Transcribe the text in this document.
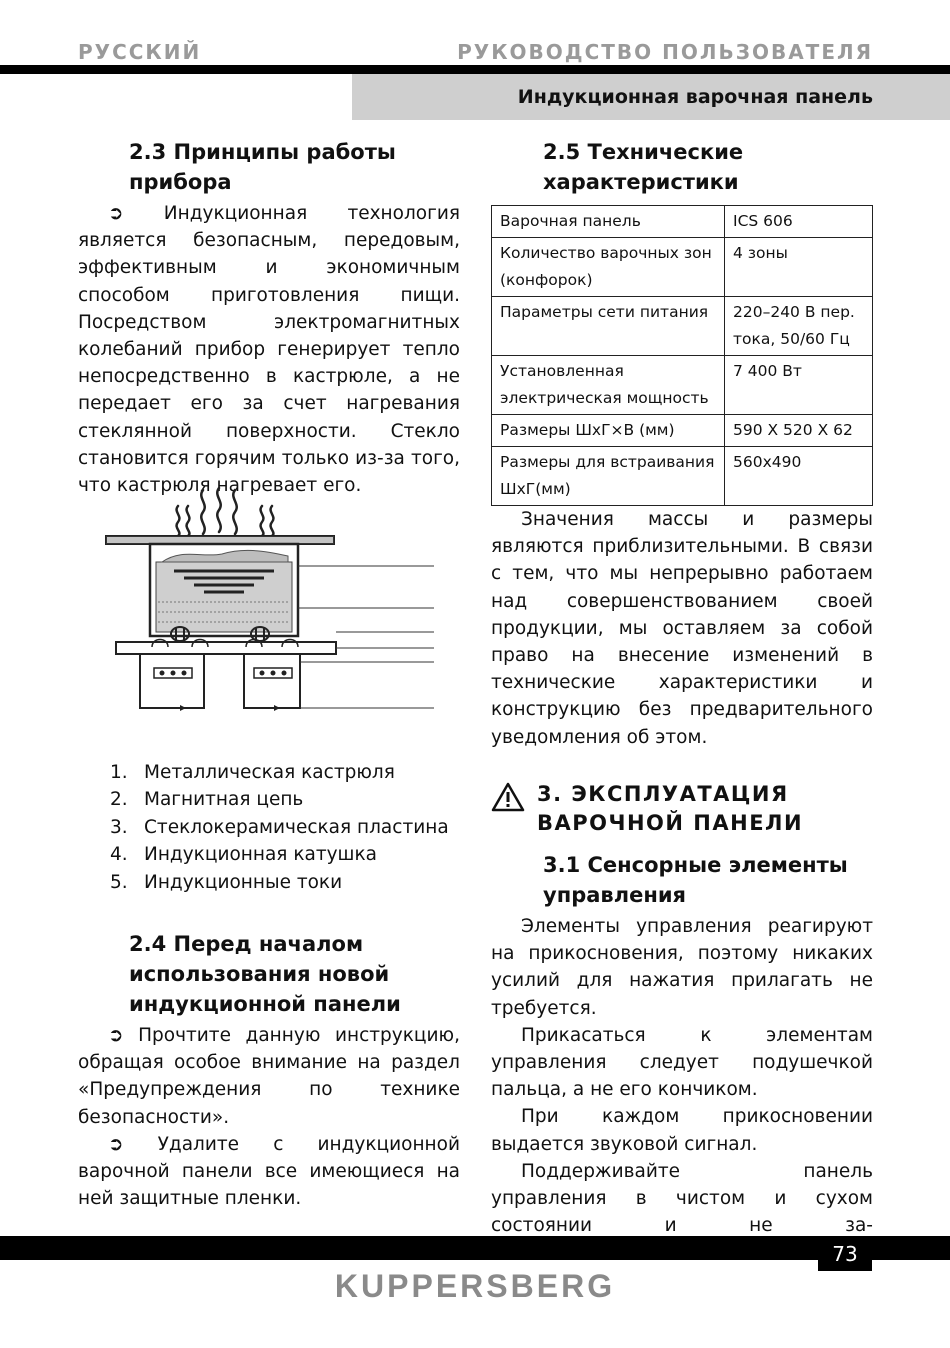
РУССКИЙ	РУКОВОДСТВО ПОЛЬЗОВАТЕЛЯ
Индукционная варочная панель
2.3 Принципы работы
прибора

➲ Индукционная технология является безопасным, передовым, эффективным и экономичным способом приготовления пищи. Посредством электромагнитных колебаний прибор генерирует тепло непосредственно в кастрюле, а не передает его за счет нагревания стеклянной поверхности. Стекло становится горячим только из-за того, что кастрюля нагревает его.

1. Металлическая кастрюля
2. Магнитная цепь
3. Стеклокерамическая пластина
4. Индукционная катушка
5. Индукционные токи
2.4 Перед началом
использования новой
индукционной панели

➲ Прочтите данную инструкцию, обращая особое внимание на раздел «Предупреждения по технике безопасности».

➲ Удалите с индукционной варочной панели все имеющиеся на ней защитные пленки.

2.5 Технические
характеристики
Варочная панель	ICS 606
Количество варочных зон (конфорок)	4 зоны
Параметры сети питания	220–240 В пер. тока, 50/60 Гц
Установленная электрическая мощность	7 400 Вт
Размеры ШхГ×В (мм)	590 X 520 X 62
Размеры для встраивания ШхГ(мм)	560х490

Значения массы и размеры являются приблизительными. В связи с тем, что мы непрерывно работаем над совершенствованием своей продукции, мы оставляем за собой право на внесение изменений в технические характеристики и конструкцию без предварительного уведомления об этом.

3. ЭКСПЛУАТАЦИЯ
ВАРОЧНОЙ ПАНЕЛИ
3.1 Сенсорные элементы
управления

Элементы управления реагируют на прикосновения, поэтому никаких усилий для нажатия прилагать не требуется.

Прикасаться к элементам управления следует подушечкой пальца, а не его кончиком.

При каждом прикосновении выдается звуковой сигнал.

Поддерживайте панель управления в чистом и сухом состоянии и не за-

73
KUPPERSBERG
